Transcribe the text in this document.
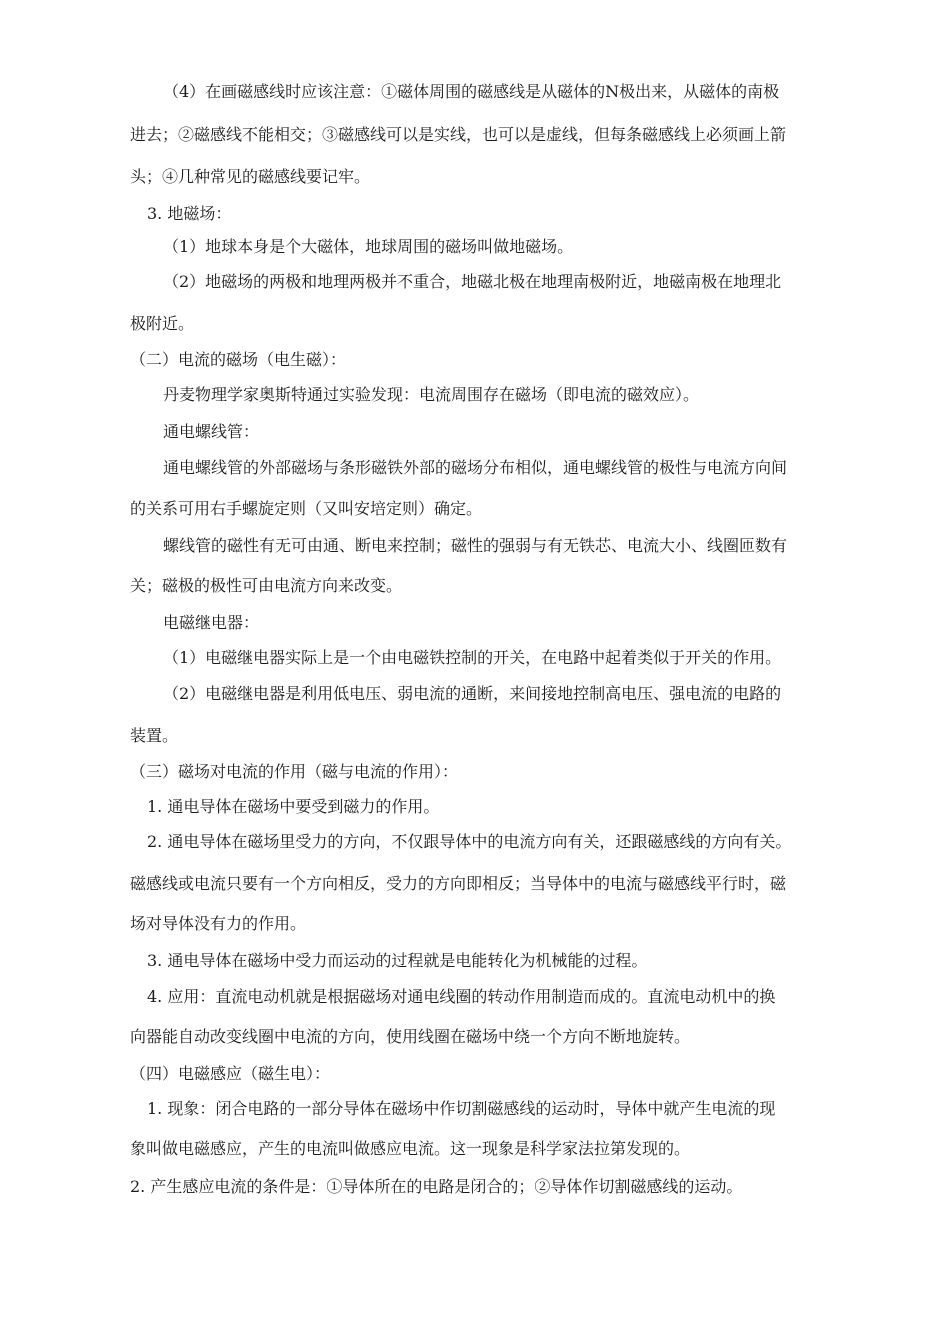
（4）在画磁感线时应该注意：①磁体周围的磁感线是从磁体的N极出来，从磁体的南极
进去；②磁感线不能相交；③磁感线可以是实线，也可以是虚线，但每条磁感线上必须画上箭
头；④几种常见的磁感线要记牢。
3. 地磁场：
（1）地球本身是个大磁体，地球周围的磁场叫做地磁场。
（2）地磁场的两极和地理两极并不重合，地磁北极在地理南极附近，地磁南极在地理北
极附近。
（二）电流的磁场（电生磁）：
丹麦物理学家奥斯特通过实验发现：电流周围存在磁场（即电流的磁效应）。
通电螺线管：
通电螺线管的外部磁场与条形磁铁外部的磁场分布相似，通电螺线管的极性与电流方向间
的关系可用右手螺旋定则（又叫安培定则）确定。
螺线管的磁性有无可由通、断电来控制；磁性的强弱与有无铁芯、电流大小、线圈匝数有
关；磁极的极性可由电流方向来改变。
电磁继电器：
（1）电磁继电器实际上是一个由电磁铁控制的开关，在电路中起着类似于开关的作用。
（2）电磁继电器是利用低电压、弱电流的通断，来间接地控制高电压、强电流的电路的
装置。
（三）磁场对电流的作用（磁与电流的作用）：
1. 通电导体在磁场中要受到磁力的作用。
2. 通电导体在磁场里受力的方向，不仅跟导体中的电流方向有关，还跟磁感线的方向有关。
磁感线或电流只要有一个方向相反，受力的方向即相反；当导体中的电流与磁感线平行时，磁
场对导体没有力的作用。
3. 通电导体在磁场中受力而运动的过程就是电能转化为机械能的过程。
4. 应用：直流电动机就是根据磁场对通电线圈的转动作用制造而成的。直流电动机中的换
向器能自动改变线圈中电流的方向，使用线圈在磁场中绕一个方向不断地旋转。
（四）电磁感应（磁生电）：
1. 现象：闭合电路的一部分导体在磁场中作切割磁感线的运动时，导体中就产生电流的现
象叫做电磁感应，产生的电流叫做感应电流。这一现象是科学家法拉第发现的。
2. 产生感应电流的条件是：①导体所在的电路是闭合的；②导体作切割磁感线的运动。
